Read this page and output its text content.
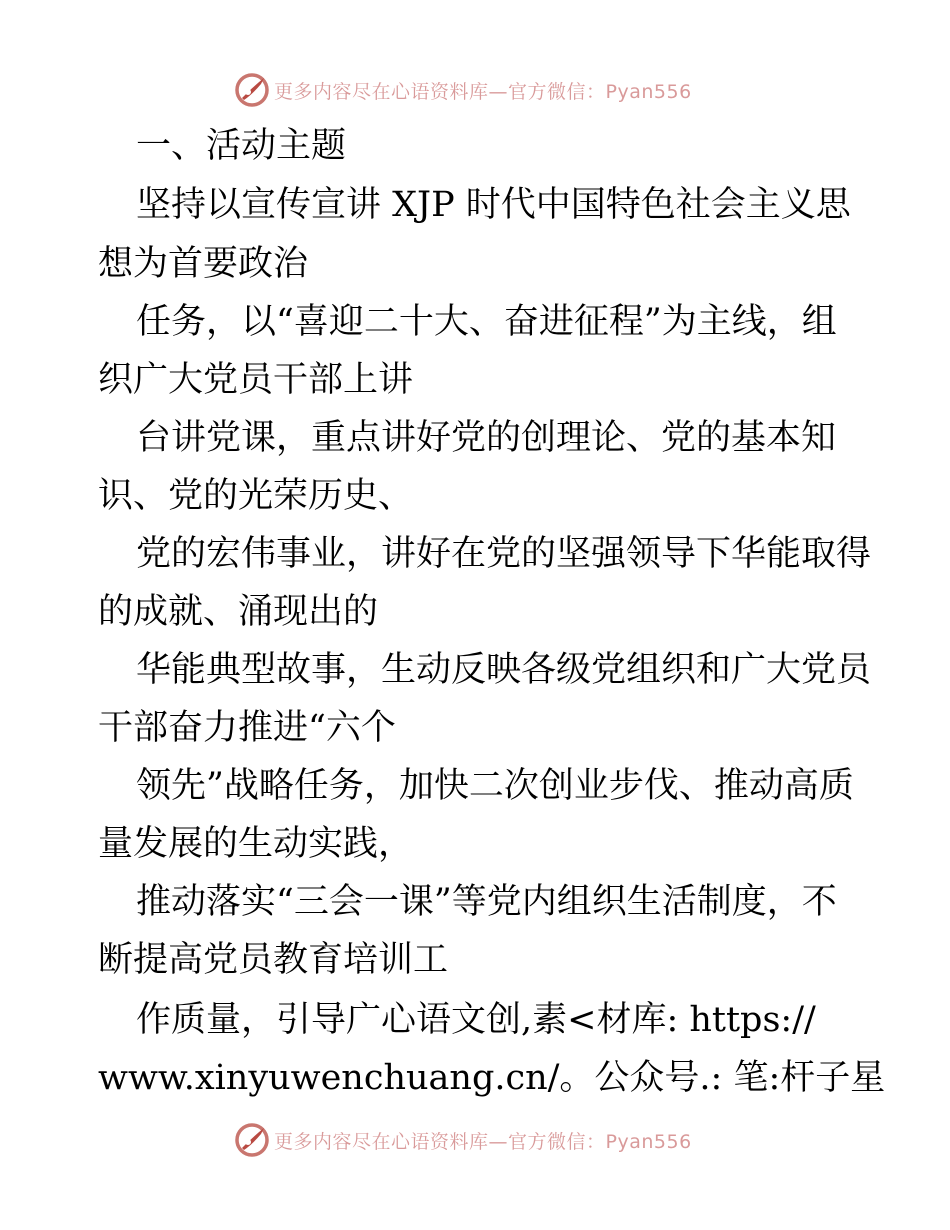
更多内容尽在心语资料库—官方微信：Pyan556
一、活动主题
坚持以宣传宣讲 XJP 时代中国特色社会主义思
想为首要政治
任务，以“喜迎二十大、奋进征程”为主线，组
织广大党员干部上讲
台讲党课，重点讲好党的创理论、党的基本知
识、党的光荣历史、
党的宏伟事业，讲好在党的坚强领导下华能取得
的成就、涌现出的
华能典型故事，生动反映各级党组织和广大党员
干部奋力推进“六个
领先”战略任务，加快二次创业步伐、推动高质
量发展的生动实践，
推动落实“三会一课”等党内组织生活制度，不
断提高党员教育培训工
作质量，引导广心语文创,素<材库: https://
www.xinyuwenchuang.cn/。公众号.: 笔:杆子星
更多内容尽在心语资料库—官方微信：Pyan556
